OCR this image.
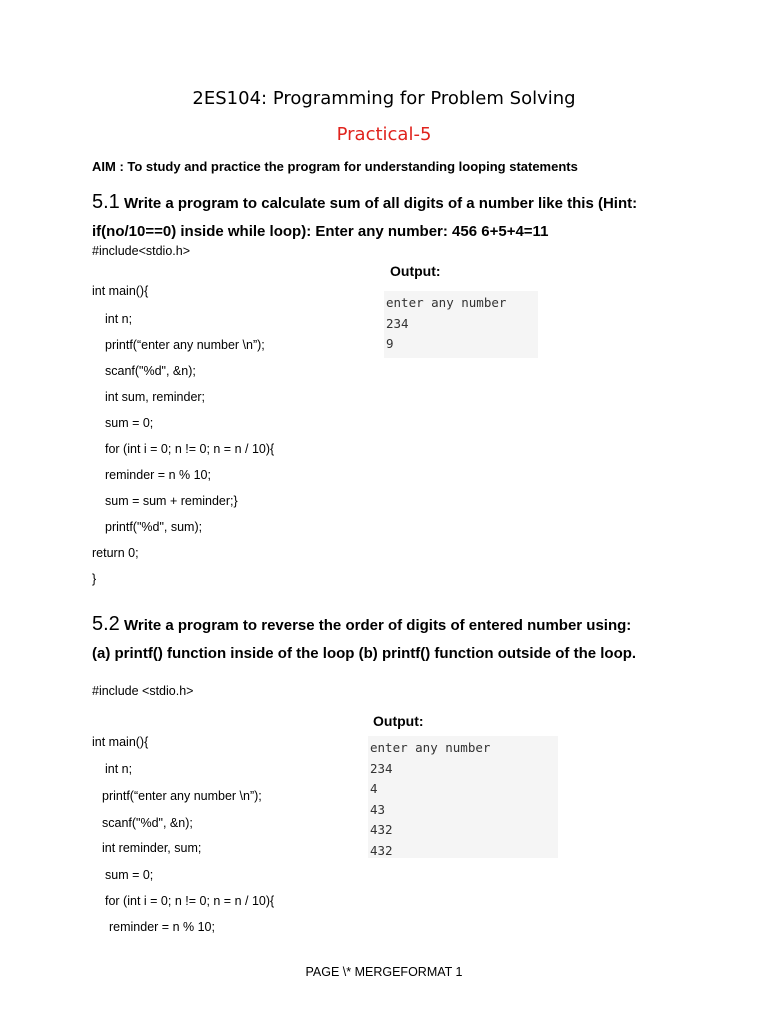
2ES104: Programming for Problem Solving
Practical-5
AIM : To study and practice the program for understanding looping statements
5.1 Write a program to calculate sum of all digits of a number like this (Hint:
if(no/10==0) inside while loop): Enter any number: 456 6+5+4=11
#include<stdio.h>
int main(){
int n;
printf(“enter any number \n”);
scanf("%d", &n);
int sum, reminder;
sum = 0;
for (int i = 0; n != 0; n = n / 10){
reminder = n % 10;
sum = sum + reminder;}
printf("%d", sum);
return 0;
}
Output:
enter any number
234
9
5.2 Write a program to reverse the order of digits of entered number using:
(a) printf() function inside of the loop (b) printf() function outside of the loop.
#include <stdio.h>
int main(){
int n;
printf(“enter any number \n”);
scanf("%d", &n);
int reminder, sum;
sum = 0;
for (int i = 0; n != 0; n = n / 10){
reminder = n % 10;
Output:
enter any number
234
4
43
432
432
PAGE \* MERGEFORMAT 1
